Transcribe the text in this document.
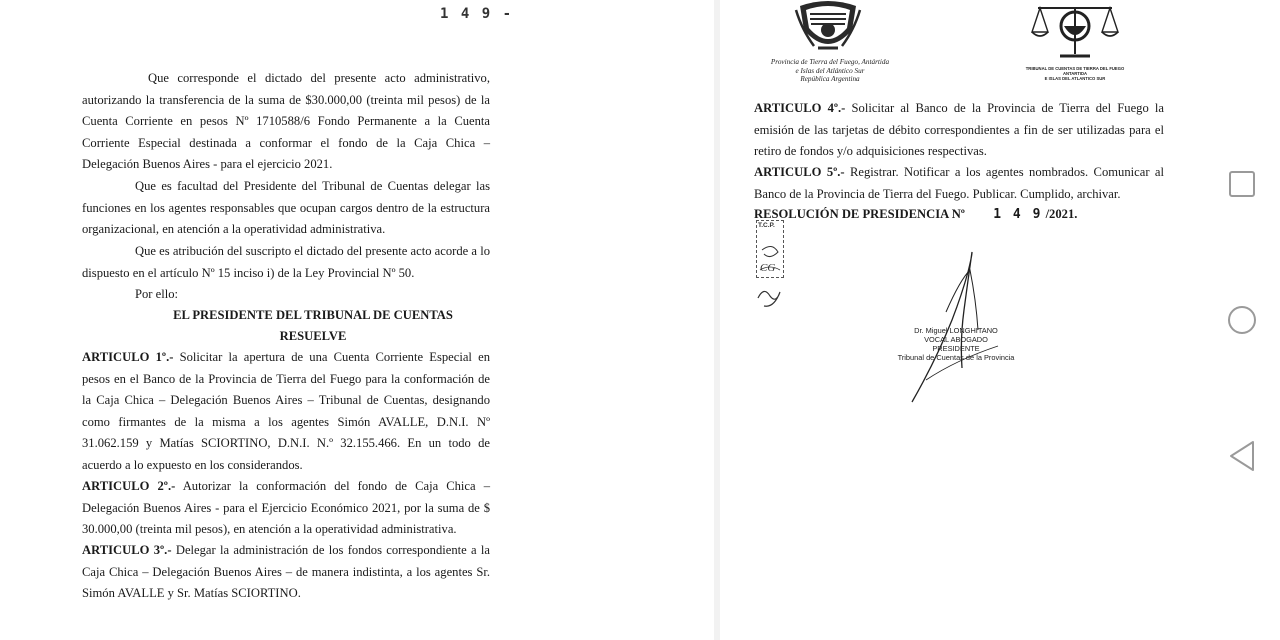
1 4 9 -

Que corresponde el dictado del presente acto administrativo, autorizando la transferencia de la suma de $30.000,00 (treinta mil pesos) de la Cuenta Corriente en pesos Nº 1710588/6 Fondo Permanente a la Cuenta Corriente Especial destinada a conformar el fondo de la Caja Chica – Delegación Buenos Aires - para el ejercicio 2021.

Que es facultad del Presidente del Tribunal de Cuentas delegar las funciones en los agentes responsables que ocupan cargos dentro de la estructura organizacional, en atención a la operatividad administrativa.

Que es atribución del suscripto el dictado del presente acto acorde a lo dispuesto en el artículo Nº 15 inciso i) de la Ley Provincial Nº 50.

Por ello:

EL PRESIDENTE DEL TRIBUNAL DE CUENTAS

RESUELVE

ARTICULO 1º.- Solicitar la apertura de una Cuenta Corriente Especial en pesos en el Banco de la Provincia de Tierra del Fuego para la conformación de la Caja Chica – Delegación Buenos Aires – Tribunal de Cuentas, designando como firmantes de la misma a los agentes Simón AVALLE, D.N.I. Nº 31.062.159 y Matías SCIORTINO, D.N.I. N.º 32.155.466. En un todo de acuerdo a lo expuesto en los considerandos.

ARTICULO 2º.- Autorizar la conformación del fondo de Caja Chica – Delegación Buenos Aires - para el Ejercicio Económico 2021, por la suma de $ 30.000,00 (treinta mil pesos), en atención a la operatividad administrativa.

ARTICULO 3º.- Delegar la administración de los fondos correspondiente a la Caja Chica – Delegación Buenos Aires – de manera indistinta, a los agentes Sr. Simón AVALLE y Sr. Matías SCIORTINO.

Provincia de Tierra del Fuego, Antártida
e Islas del Atlántico Sur
República Argentina
TRIBUNAL DE CUENTAS DE TIERRA DEL FUEGO
ANTARTIDA
E ISLAS DEL ATLANTICO SUR

ARTICULO 4º.- Solicitar al Banco de la Provincia de Tierra del Fuego la emisión de las tarjetas de débito correspondientes a fin de ser utilizadas para el retiro de fondos y/o adquisiciones respectivas.

ARTICULO 5º.- Registrar. Notificar a los agentes nombrados. Comunicar al Banco de la Provincia de Tierra del Fuego. Publicar. Cumplido, archivar.

RESOLUCIÓN DE PRESIDENCIA Nº 1 4 9 /2021.
T.C.P.
CG
Dr. Miguel LONGHITANO
VOCAL ABOGADO
PRESIDENTE
Tribunal de Cuentas de la Provincia
